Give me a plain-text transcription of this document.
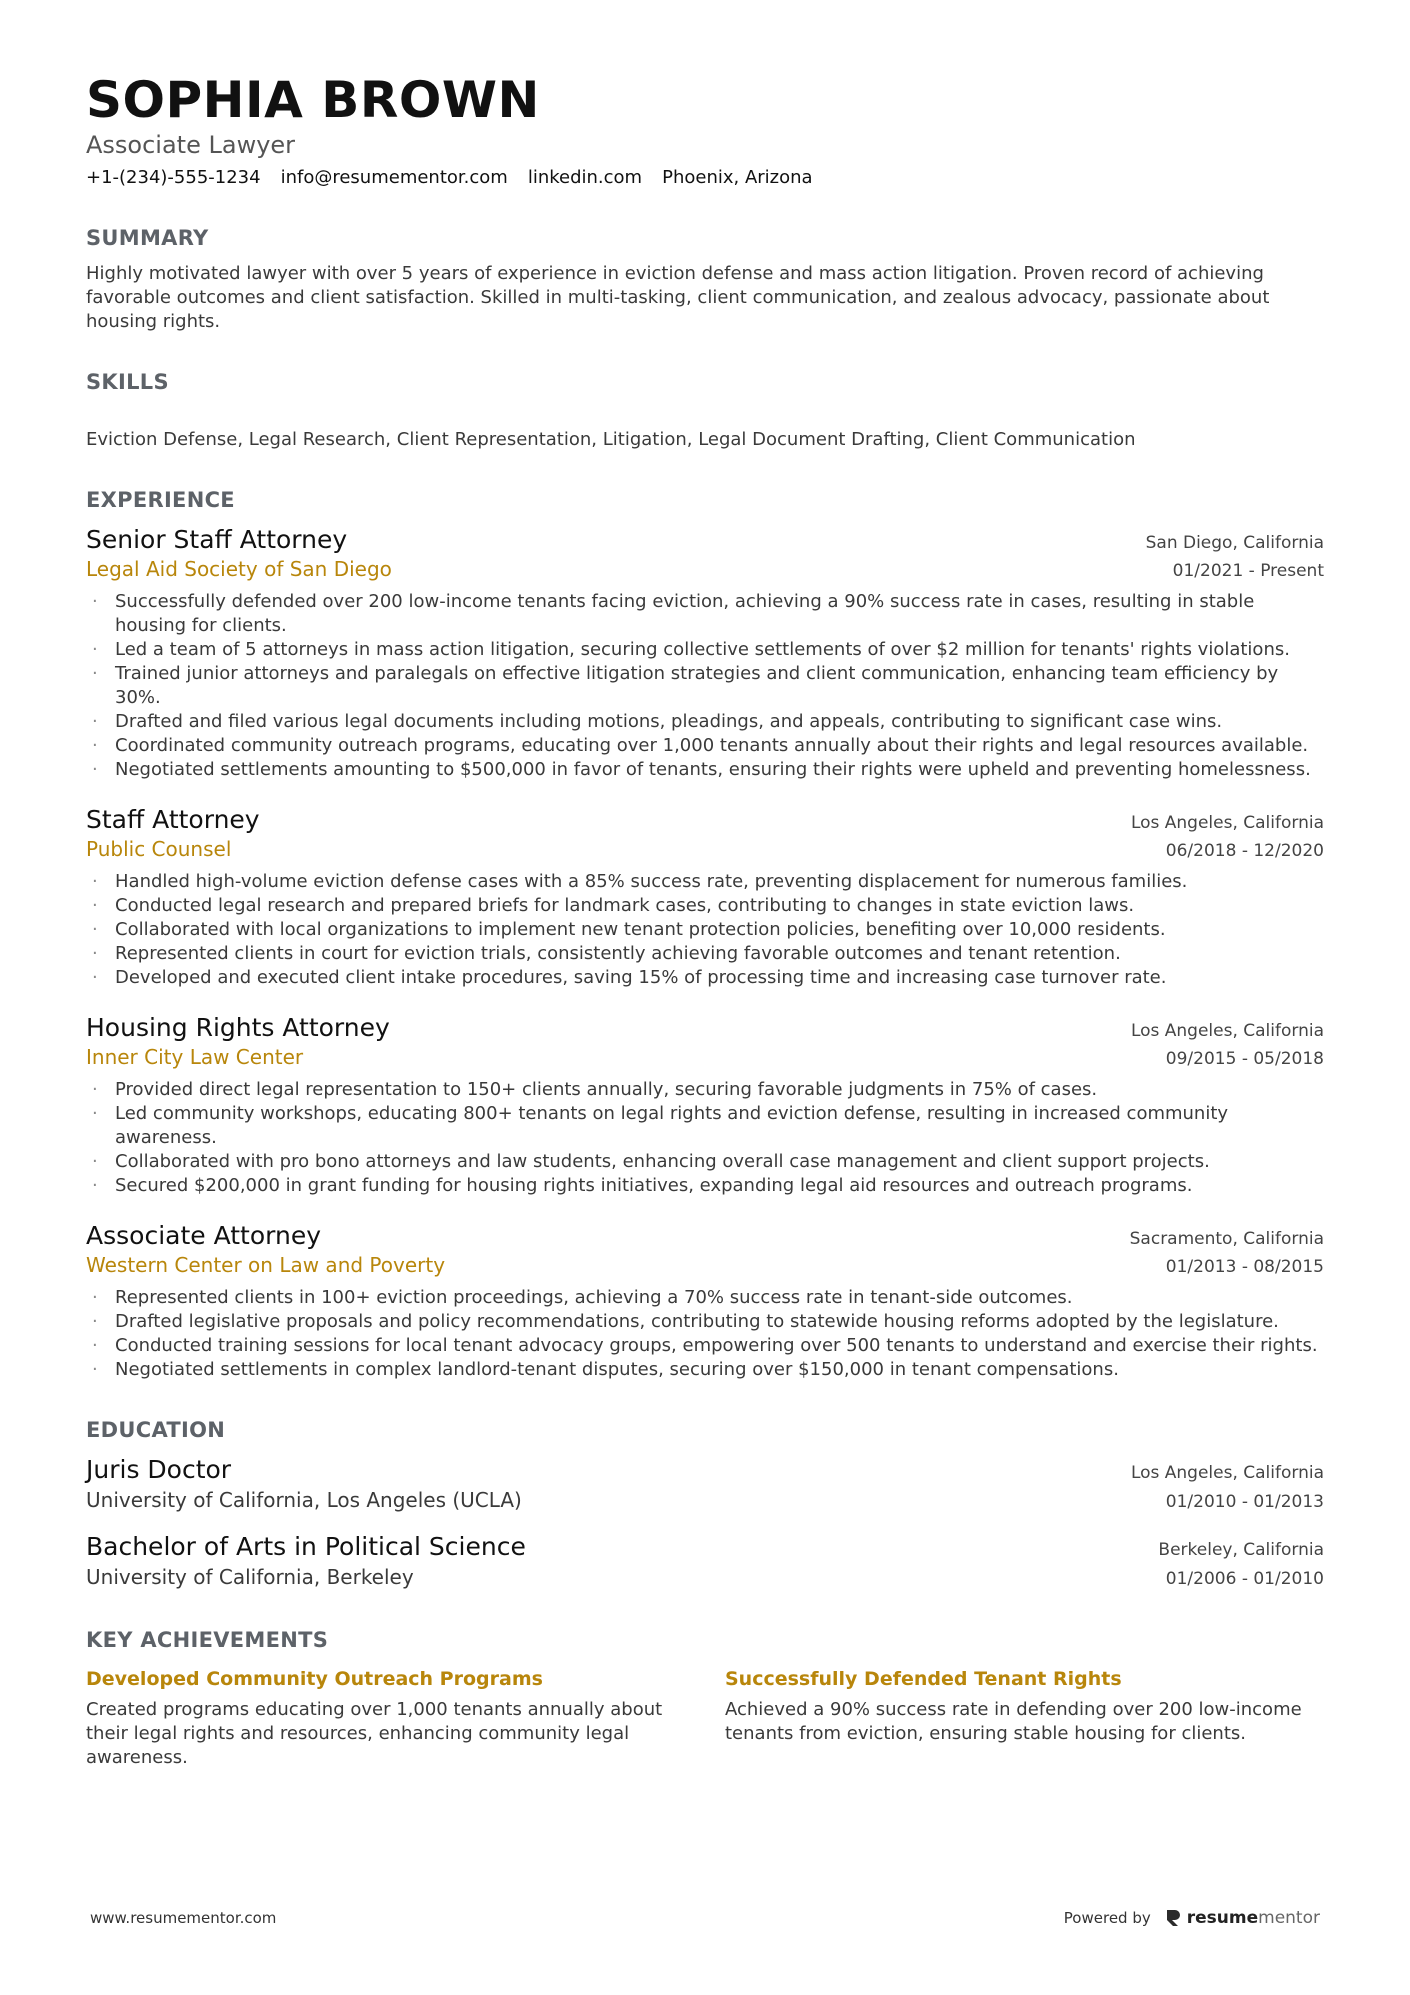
SOPHIA BROWN
Associate Lawyer
+1-(234)-555-1234 info@resumementor.com linkedin.com Phoenix, Arizona
SUMMARY
Highly motivated lawyer with over 5 years of experience in eviction defense and mass action litigation. Proven record of achieving favorable outcomes and client satisfaction. Skilled in multi-tasking, client communication, and zealous advocacy, passionate about housing rights.
SKILLS
Eviction Defense, Legal Research, Client Representation, Litigation, Legal Document Drafting, Client Communication
EXPERIENCE
Senior Staff Attorney	San Diego, California
Legal Aid Society of San Diego	01/2021 - Present
· Successfully defended over 200 low-income tenants facing eviction, achieving a 90% success rate in cases, resulting in stable housing for clients.
· Led a team of 5 attorneys in mass action litigation, securing collective settlements of over $2 million for tenants' rights violations.
· Trained junior attorneys and paralegals on effective litigation strategies and client communication, enhancing team efficiency by 30%.
· Drafted and filed various legal documents including motions, pleadings, and appeals, contributing to significant case wins.
· Coordinated community outreach programs, educating over 1,000 tenants annually about their rights and legal resources available.
· Negotiated settlements amounting to $500,000 in favor of tenants, ensuring their rights were upheld and preventing homelessness.
Staff Attorney	Los Angeles, California
Public Counsel	06/2018 - 12/2020
· Handled high-volume eviction defense cases with a 85% success rate, preventing displacement for numerous families.
· Conducted legal research and prepared briefs for landmark cases, contributing to changes in state eviction laws.
· Collaborated with local organizations to implement new tenant protection policies, benefiting over 10,000 residents.
· Represented clients in court for eviction trials, consistently achieving favorable outcomes and tenant retention.
· Developed and executed client intake procedures, saving 15% of processing time and increasing case turnover rate.
Housing Rights Attorney	Los Angeles, California
Inner City Law Center	09/2015 - 05/2018
· Provided direct legal representation to 150+ clients annually, securing favorable judgments in 75% of cases.
· Led community workshops, educating 800+ tenants on legal rights and eviction defense, resulting in increased community awareness.
· Collaborated with pro bono attorneys and law students, enhancing overall case management and client support projects.
· Secured $200,000 in grant funding for housing rights initiatives, expanding legal aid resources and outreach programs.
Associate Attorney	Sacramento, California
Western Center on Law and Poverty	01/2013 - 08/2015
· Represented clients in 100+ eviction proceedings, achieving a 70% success rate in tenant-side outcomes.
· Drafted legislative proposals and policy recommendations, contributing to statewide housing reforms adopted by the legislature.
· Conducted training sessions for local tenant advocacy groups, empowering over 500 tenants to understand and exercise their rights.
· Negotiated settlements in complex landlord-tenant disputes, securing over $150,000 in tenant compensations.
EDUCATION
Juris Doctor	Los Angeles, California
University of California, Los Angeles (UCLA)	01/2010 - 01/2013
Bachelor of Arts in Political Science	Berkeley, California
University of California, Berkeley	01/2006 - 01/2010
KEY ACHIEVEMENTS
Developed Community Outreach Programs
Created programs educating over 1,000 tenants annually about their legal rights and resources, enhancing community legal awareness.
Successfully Defended Tenant Rights
Achieved a 90% success rate in defending over 200 low-income tenants from eviction, ensuring stable housing for clients.
www.resumementor.com	Powered by resumementor
